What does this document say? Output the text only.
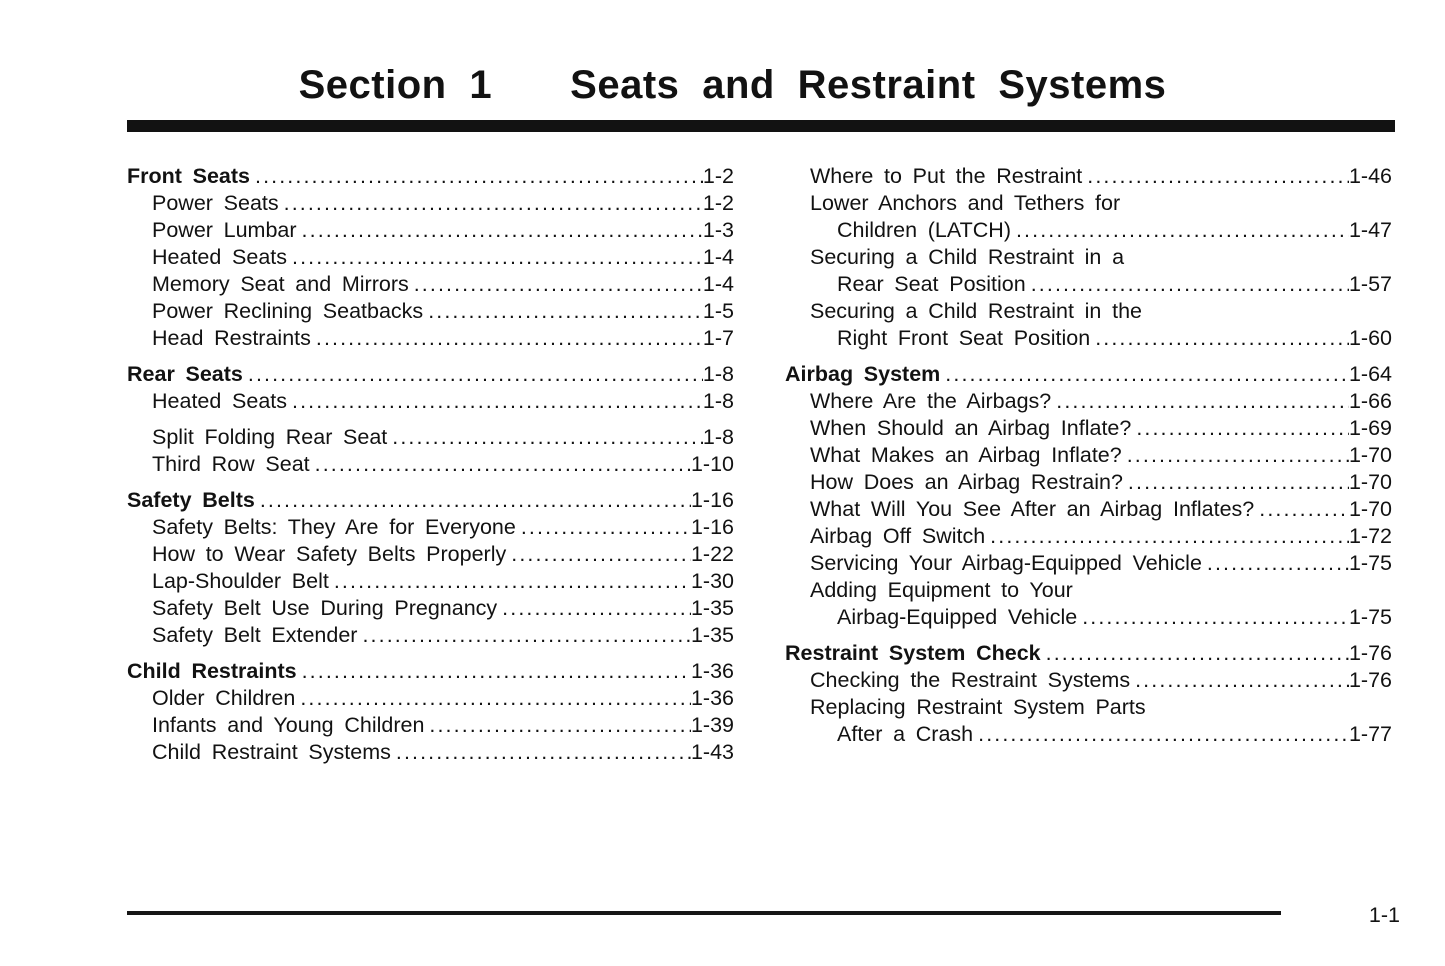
Section 1 Seats and Restraint Systems
Front Seats .....	1-2
Power Seats .....	1-2
Power Lumbar .....	1-3
Heated Seats .....	1-4
Memory Seat and Mirrors .....	1-4
Power Reclining Seatbacks .....	1-5
Head Restraints .....	1-7
Rear Seats .....	1-8
Heated Seats .....	1-8
Split Folding Rear Seat .....	1-8
Third Row Seat .....	1-10
Safety Belts .....	1-16
Safety Belts: They Are for Everyone .....	1-16
How to Wear Safety Belts Properly .....	1-22
Lap-Shoulder Belt .....	1-30
Safety Belt Use During Pregnancy .....	1-35
Safety Belt Extender .....	1-35
Child Restraints .....	1-36
Older Children .....	1-36
Infants and Young Children .....	1-39
Child Restraint Systems .....	1-43
Where to Put the Restraint .....	1-46
Lower Anchors and Tethers for
Children (LATCH) .....	1-47
Securing a Child Restraint in a
Rear Seat Position .....	1-57
Securing a Child Restraint in the
Right Front Seat Position .....	1-60
Airbag System .....	1-64
Where Are the Airbags? .....	1-66
When Should an Airbag Inflate? .....	1-69
What Makes an Airbag Inflate? .....	1-70
How Does an Airbag Restrain? .....	1-70
What Will You See After an Airbag Inflates? .....	1-70
Airbag Off Switch .....	1-72
Servicing Your Airbag-Equipped Vehicle .....	1-75
Adding Equipment to Your
Airbag-Equipped Vehicle .....	1-75
Restraint System Check .....	1-76
Checking the Restraint Systems .....	1-76
Replacing Restraint System Parts
After a Crash .....	1-77
1-1
